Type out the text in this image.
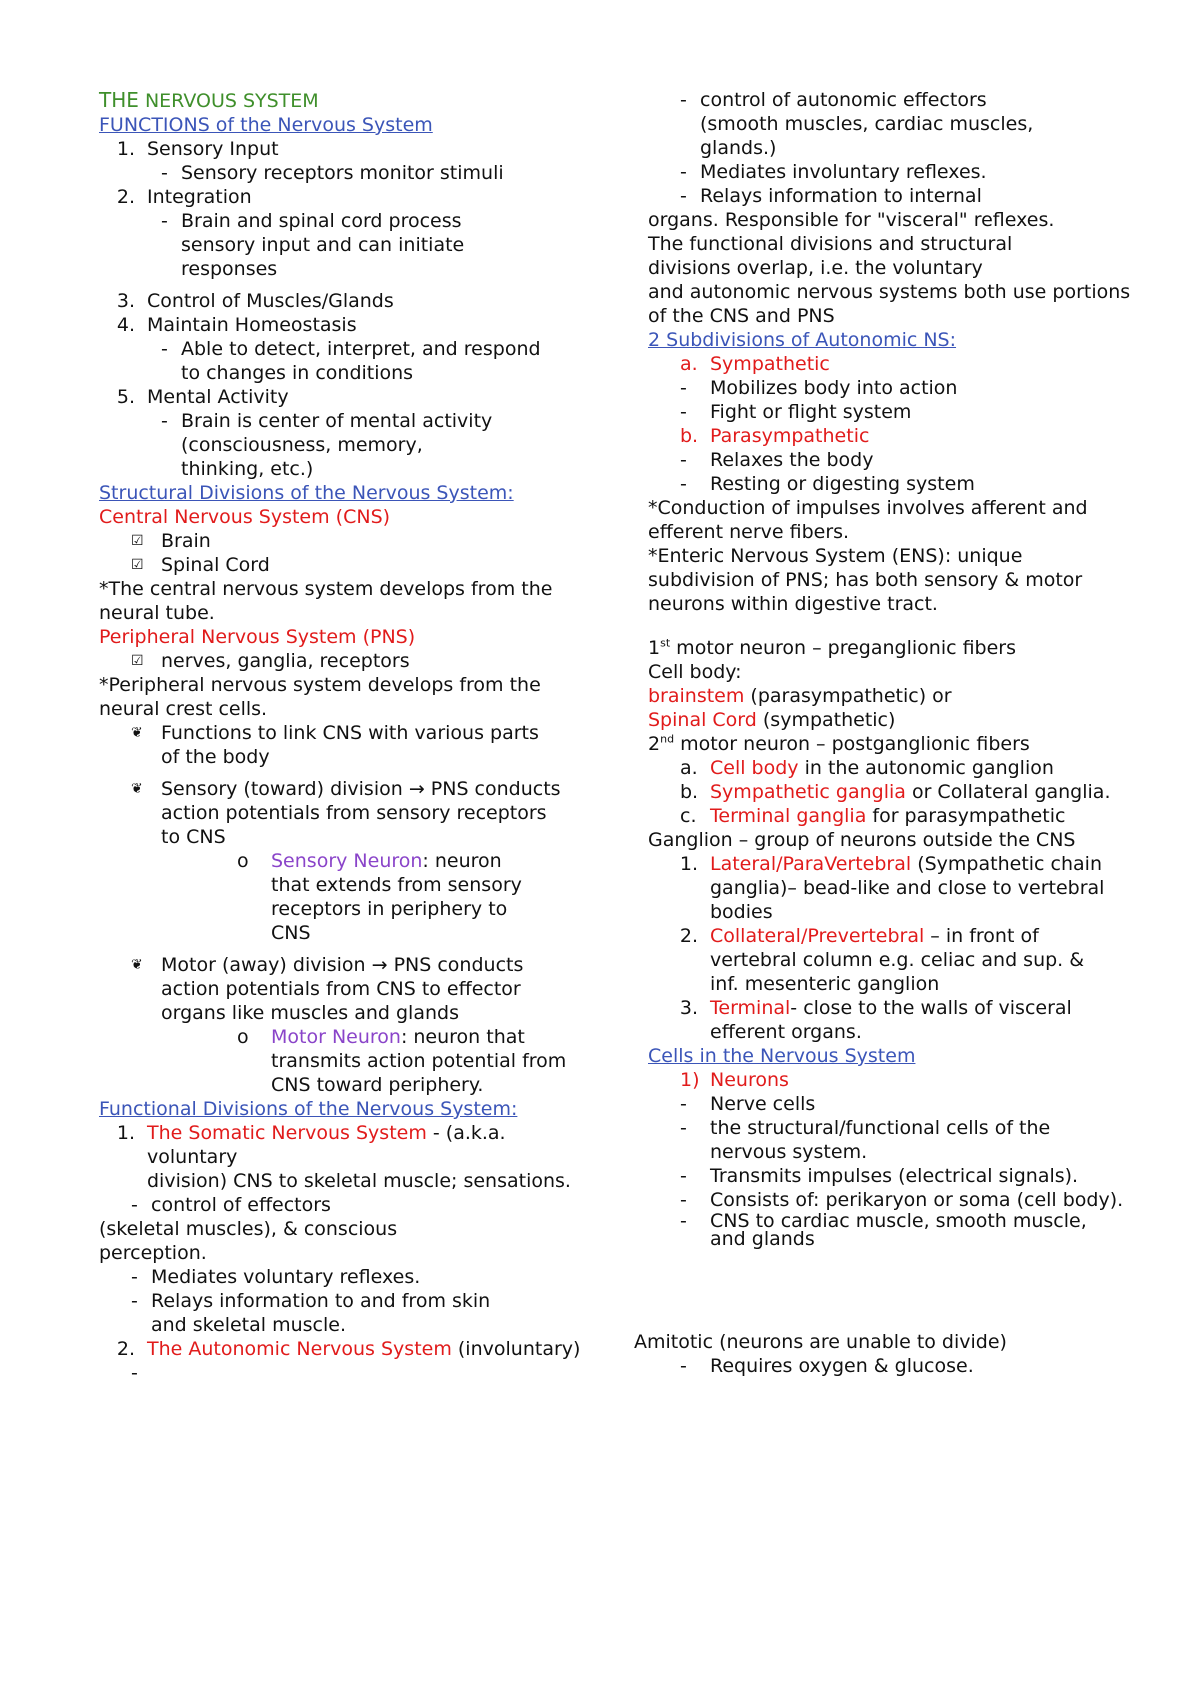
THE NERVOUS SYSTEM
FUNCTIONS of the Nervous System
1. Sensory Input
- Sensory receptors monitor stimuli
2. Integration
- Brain and spinal cord process sensory input and can initiate responses
3. Control of Muscles/Glands
4. Maintain Homeostasis
- Able to detect, interpret, and respond to changes in conditions
5. Mental Activity
- Brain is center of mental activity (consciousness, memory, thinking, etc.)
Structural Divisions of the Nervous System:
Central Nervous System (CNS)
☑ Brain
☑ Spinal Cord
*The central nervous system develops from the neural tube.
Peripheral Nervous System (PNS)
☑ nerves, ganglia, receptors
*Peripheral nervous system develops from the neural crest cells.
❦ Functions to link CNS with various parts of the body
❦ Sensory (toward) division → PNS conducts action potentials from sensory receptors to CNS
o	Sensory Neuron: neuron that extends from sensory receptors in periphery to CNS
❦ Motor (away) division → PNS conducts action potentials from CNS to effector organs like muscles and glands
o	Motor Neuron: neuron that transmits action potential from CNS toward periphery.
Functional Divisions of the Nervous System:
1. The Somatic Nervous System - (a.k.a. voluntary
division) CNS to skeletal muscle; sensations.
- control of effectors
(skeletal muscles), & conscious perception.
- Mediates voluntary reflexes.
- Relays information to and from skin and skeletal muscle.
2. The Autonomic Nervous System (involuntary)
-
- control of autonomic effectors (smooth muscles, cardiac muscles, glands.)
- Mediates involuntary reflexes.
- Relays information to internal
organs. Responsible for "visceral" reflexes.
The functional divisions and structural divisions overlap, i.e. the voluntary
and autonomic nervous systems both use portions of the CNS and PNS
2 Subdivisions of Autonomic NS:
a. Sympathetic
-	Mobilizes body into action
-	Fight or flight system
b. Parasympathetic
-	Relaxes the body
-	Resting or digesting system
*Conduction of impulses involves afferent and efferent nerve fibers.
*Enteric Nervous System (ENS): unique subdivision of PNS; has both sensory & motor neurons within digestive tract.
1st motor neuron – preganglionic fibers
Cell body:
brainstem (parasympathetic) or
Spinal Cord (sympathetic)
2nd motor neuron – postganglionic fibers
a. Cell body in the autonomic ganglion
b. Sympathetic ganglia or Collateral ganglia.
c. Terminal ganglia for parasympathetic
Ganglion – group of neurons outside the CNS
1. Lateral/ParaVertebral (Sympathetic chain ganglia)– bead-like and close to vertebral bodies
2. Collateral/Prevertebral – in front of vertebral column e.g. celiac and sup. & inf. mesenteric ganglion
3. Terminal- close to the walls of visceral efferent organs.
Cells in the Nervous System
1) Neurons
-	Nerve cells
-	the structural/functional cells of the nervous system.
-	Transmits impulses (electrical signals).
-	Consists of: perikaryon or soma (cell body).
-	CNS to cardiac muscle, smooth muscle, and glands
Amitotic (neurons are unable to divide)
-	Requires oxygen & glucose.
